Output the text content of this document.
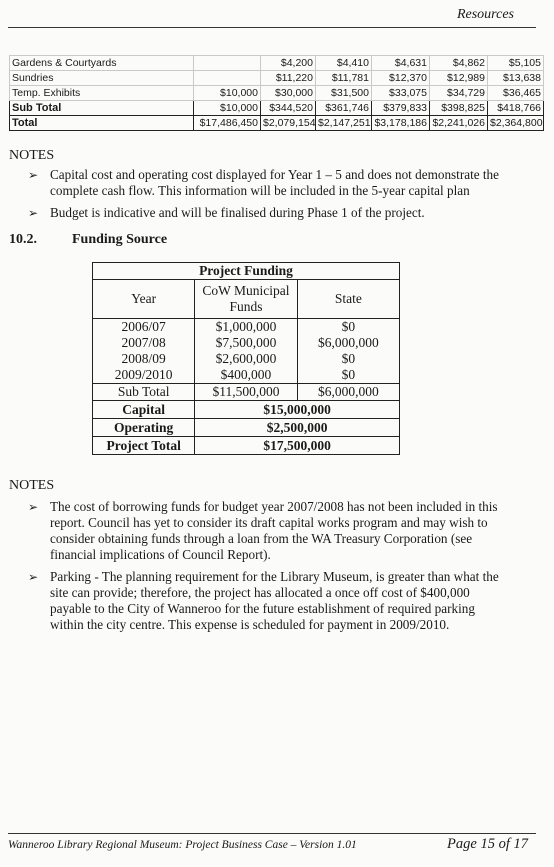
Resources
Gardens & Courtyards		$4,200	$4,410	$4,631	$4,862	$5,105
Sundries		$11,220	$11,781	$12,370	$12,989	$13,638
Temp. Exhibits	$10,000	$30,000	$31,500	$33,075	$34,729	$36,465
Sub Total	$10,000	$344,520	$361,746	$379,833	$398,825	$418,766
Total	$17,486,450	$2,079,154	$2,147,251	$3,178,186	$2,241,026	$2,364,800
NOTES
➢ Capital cost and operating cost displayed for Year 1 – 5 and does not demonstrate the complete cash flow. This information will be included in the 5-year capital plan
➢ Budget is indicative and will be finalised during Phase 1 of the project.
10.2.	Funding Source
Project Funding		
Year	CoW Municipal Funds	State
2006/07	$1,000,000	$0
2007/08	$7,500,000	$6,000,000
2008/09	$2,600,000	$0
2009/2010	$400,000	$0
Sub Total	$11,500,000	$6,000,000
Capital	$15,000,000	
Operating	$2,500,000	
Project Total	$17,500,000	
NOTES
➢ The cost of borrowing funds for budget year 2007/2008 has not been included in this report. Council has yet to consider its draft capital works program and may wish to consider obtaining funds through a loan from the WA Treasury Corporation (see financial implications of Council Report).
➢ Parking - The planning requirement for the Library Museum, is greater than what the site can provide; therefore, the project has allocated a once off cost of $400,000 payable to the City of Wanneroo for the future establishment of required parking within the city centre. This expense is scheduled for payment in 2009/2010.
Wanneroo Library Regional Museum: Project Business Case – Version 1.01	Page 15 of 17
